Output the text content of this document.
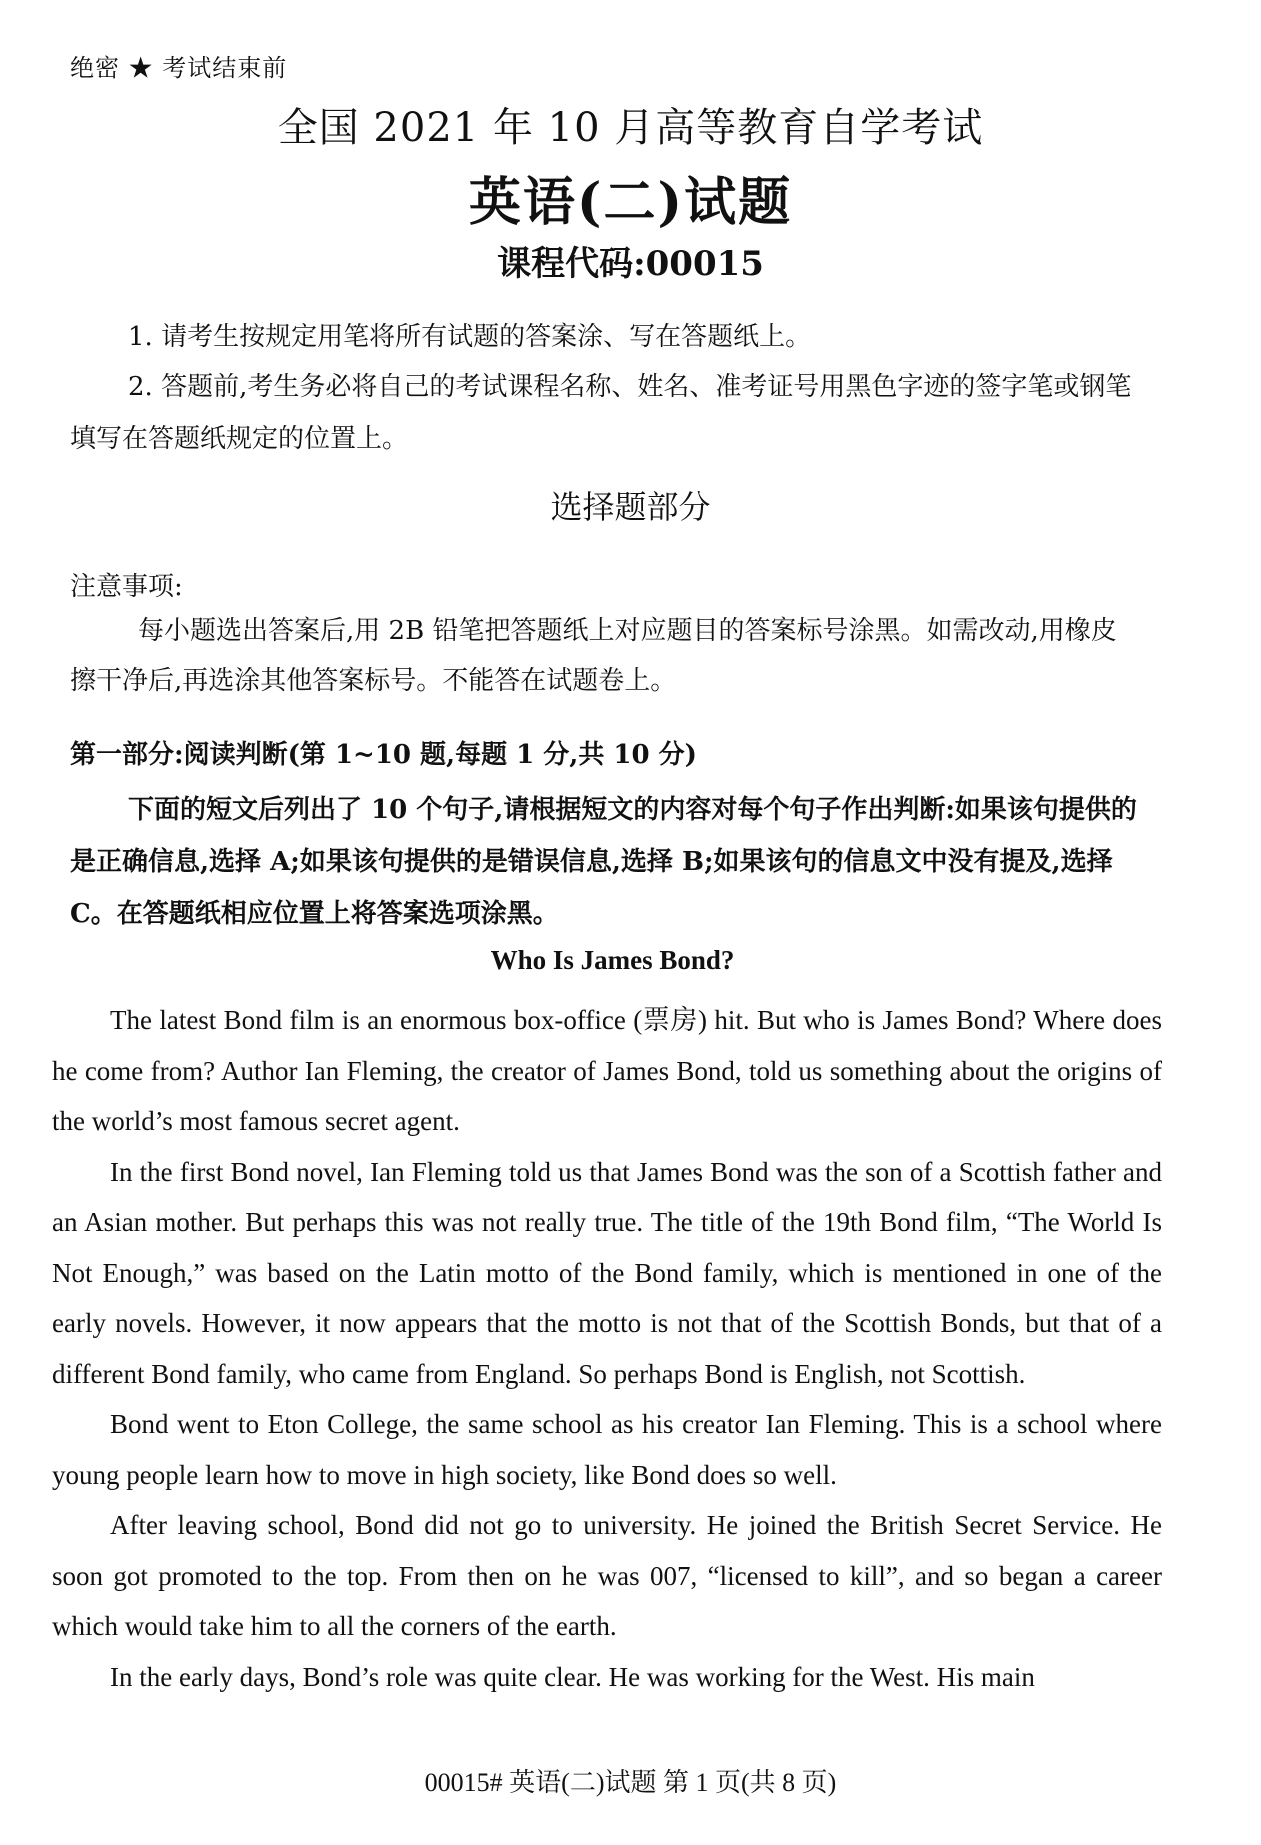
绝密 ★ 考试结束前
全国 2021 年 10 月高等教育自学考试
英语(二)试题
课程代码:00015
1. 请考生按规定用笔将所有试题的答案涂、写在答题纸上。
2. 答题前,考生务必将自己的考试课程名称、姓名、准考证号用黑色字迹的签字笔或钢笔
填写在答题纸规定的位置上。
选择题部分
注意事项:
每小题选出答案后,用 2B 铅笔把答题纸上对应题目的答案标号涂黑。如需改动,用橡皮
擦干净后,再选涂其他答案标号。不能答在试题卷上。
第一部分:阅读判断(第 1~10 题,每题 1 分,共 10 分)
下面的短文后列出了 10 个句子,请根据短文的内容对每个句子作出判断:如果该句提供的是正确信息,选择 A;如果该句提供的是错误信息,选择 B;如果该句的信息文中没有提及,选择 C。在答题纸相应位置上将答案选项涂黑。
Who Is James Bond?

The latest Bond film is an enormous box-office (票房) hit. But who is James Bond? Where does he come from? Author Ian Fleming, the creator of James Bond, told us something about the origins of the world’s most famous secret agent.

In the first Bond novel, Ian Fleming told us that James Bond was the son of a Scottish father and an Asian mother. But perhaps this was not really true. The title of the 19th Bond film, “The World Is Not Enough,” was based on the Latin motto of the Bond family, which is mentioned in one of the early novels. However, it now appears that the motto is not that of the Scottish Bonds, but that of a different Bond family, who came from England. So perhaps Bond is English, not Scottish.

Bond went to Eton College, the same school as his creator Ian Fleming. This is a school where young people learn how to move in high society, like Bond does so well.

After leaving school, Bond did not go to university. He joined the British Secret Service. He soon got promoted to the top. From then on he was 007, “licensed to kill”, and so began a career which would take him to all the corners of the earth.

In the early days, Bond’s role was quite clear. He was working for the West. His main

00015# 英语(二)试题 第 1 页(共 8 页)
